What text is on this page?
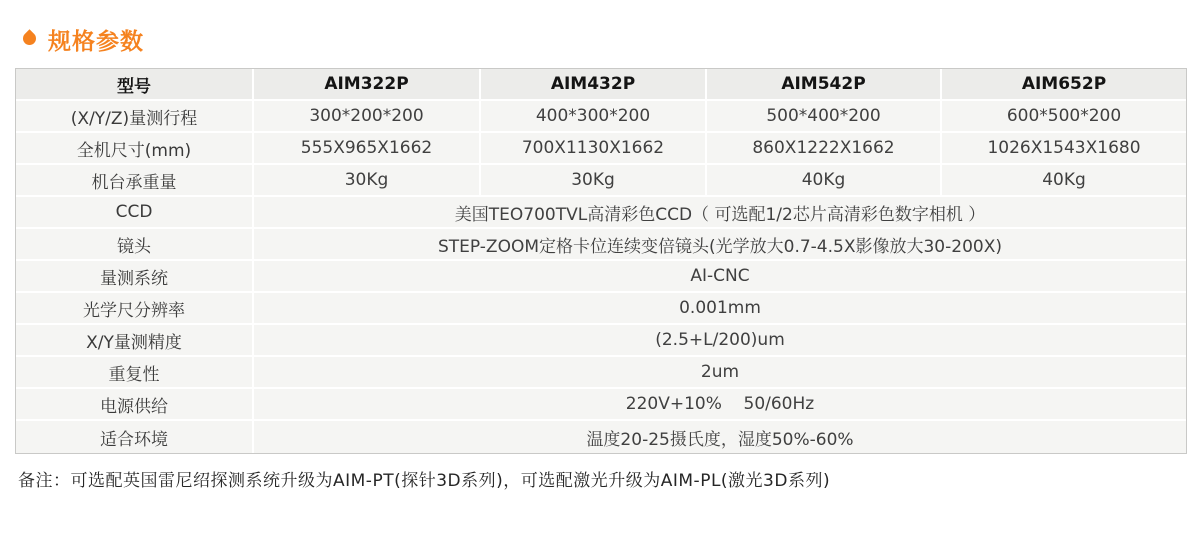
规格参数
型号	AIM322P	AIM432P	AIM542P	AIM652P
(X/Y/Z)量测行程	300*200*200	400*300*200	500*400*200	600*500*200
全机尺寸(mm)	555X965X1662	700X1130X1662	860X1222X1662	1026X1543X1680
机台承重量	30Kg	30Kg	40Kg	40Kg
CCD	美国TEO700TVL高清彩色CCD（ 可选配1/2芯片高清彩色数字相机 ）			
镜头	STEP-ZOOM定格卡位连续变倍镜头(光学放大0.7-4.5X影像放大30-200X)			
量测系统	AI-CNC			
光学尺分辨率	0.001mm			
X/Y量测精度	(2.5+L/200)um			
重复性	2um			
电源供给	220V+10%    50/60Hz			
适合环境	温度20-25摄氏度，湿度50%-60%			

备注：可选配英国雷尼绍探测系统升级为AIM-PT(探针3D系列)，可选配激光升级为AIM-PL(激光3D系列)
